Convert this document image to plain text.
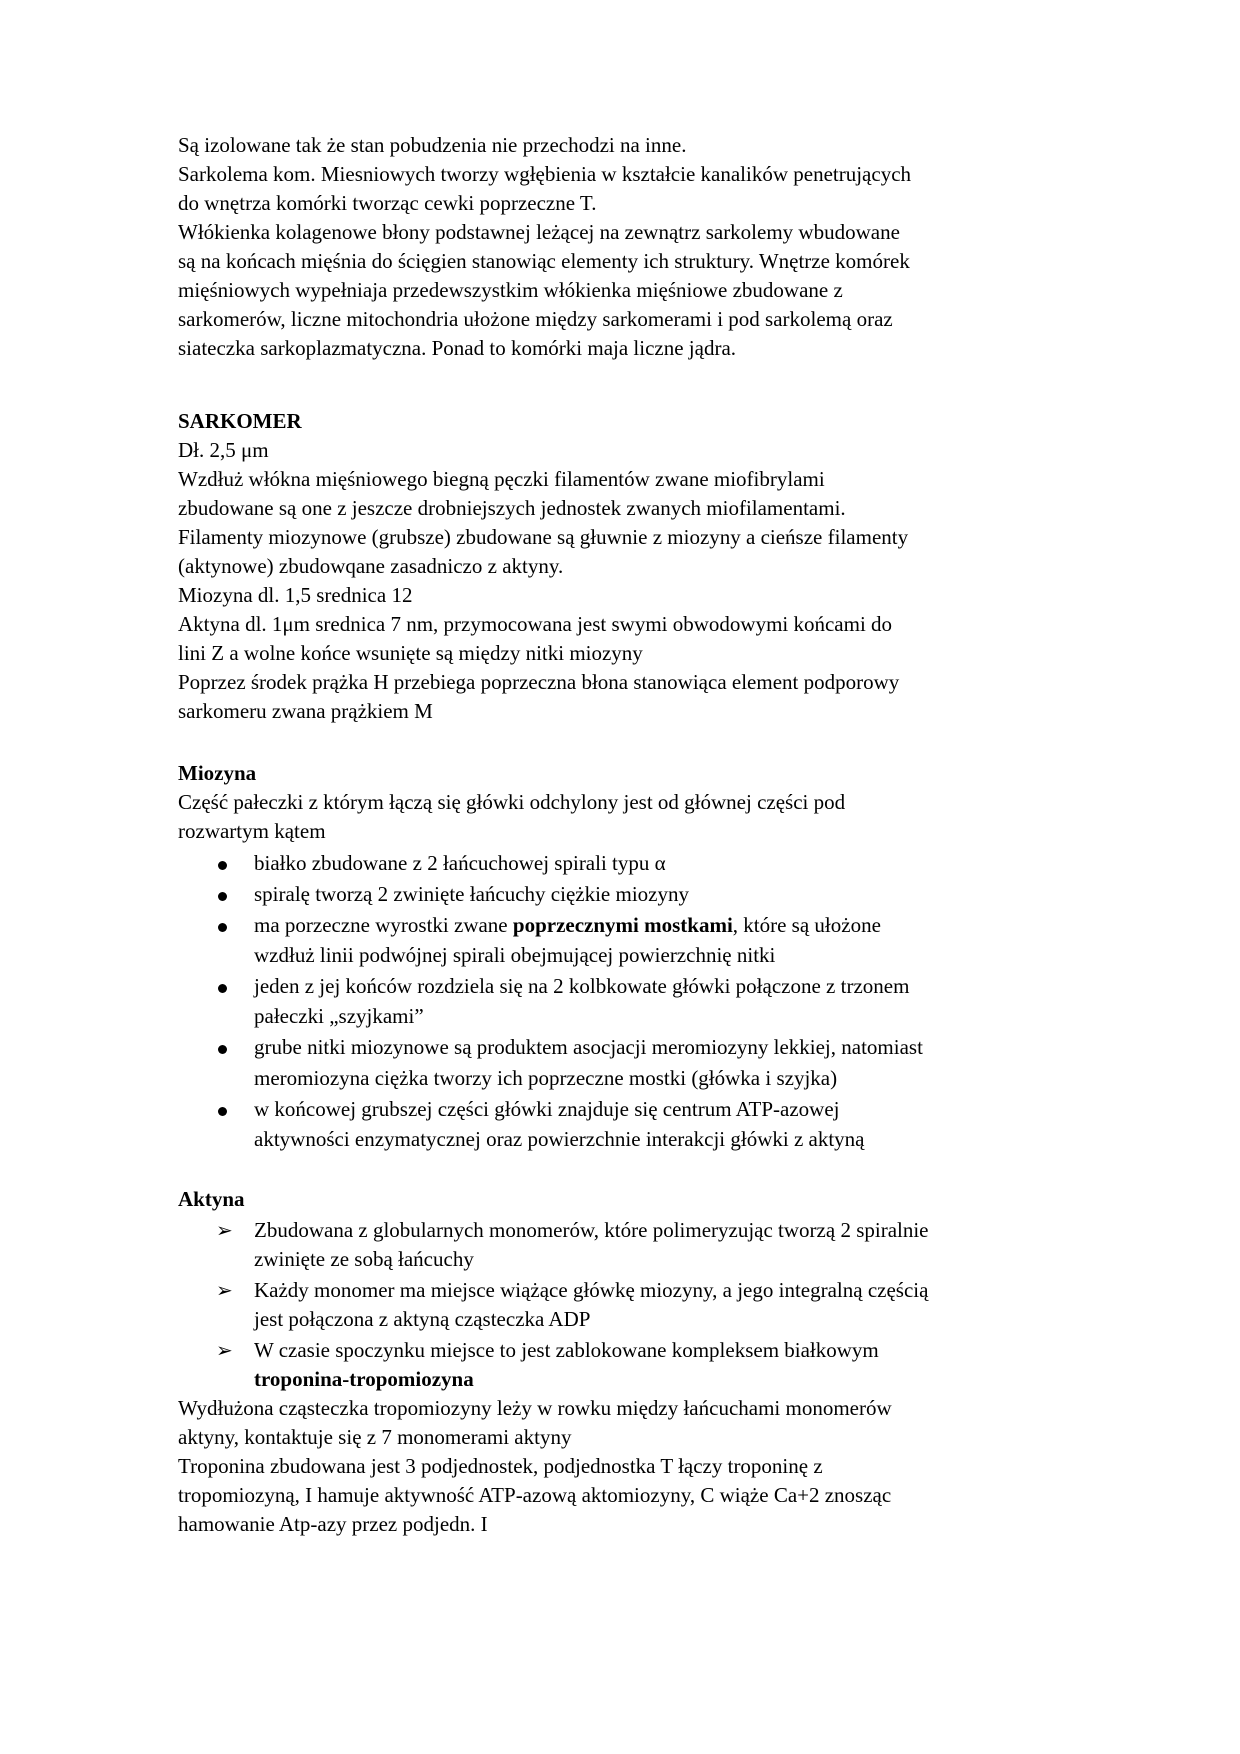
Są izolowane tak że stan pobudzenia nie przechodzi na inne.
Sarkolema kom. Miesniowych tworzy wgłębienia w kształcie kanalików penetrujących
do wnętrza komórki tworząc cewki poprzeczne T.
Włókienka kolagenowe błony podstawnej leżącej na zewnątrz sarkolemy wbudowane
są na końcach mięśnia do ścięgien stanowiąc elementy ich struktury. Wnętrze komórek
mięśniowych wypełniaja przedewszystkim włókienka mięśniowe zbudowane z
sarkomerów, liczne mitochondria ułożone między sarkomerami i pod sarkolemą oraz
siateczka sarkoplazmatyczna. Ponad to komórki maja liczne jądra.
SARKOMER
Dł. 2,5 μm
Wzdłuż włókna mięśniowego biegną pęczki filamentów zwane miofibrylami
zbudowane są one z jeszcze drobniejszych jednostek zwanych miofilamentami.
Filamenty miozynowe (grubsze) zbudowane są głuwnie z miozyny a cieńsze filamenty
(aktynowe) zbudowqane zasadniczo z aktyny.
Miozyna dl. 1,5 srednica 12
Aktyna dl. 1μm srednica 7 nm, przymocowana jest swymi obwodowymi końcami do
lini Z a wolne końce wsunięte są między nitki miozyny
Poprzez środek prążka H przebiega poprzeczna błona stanowiąca element podporowy
sarkomeru zwana prążkiem M
Miozyna
Część pałeczki z którym łączą się główki odchylony jest od głównej części pod
rozwartym kątem
białko zbudowane z 2 łańcuchowej spirali typu α
spiralę tworzą 2 zwinięte łańcuchy ciężkie miozyny
ma porzeczne wyrostki zwane poprzecznymi mostkami, które są ułożone
wzdłuż linii podwójnej spirali obejmującej powierzchnię nitki
jeden z jej końców rozdziela się na 2 kolbkowate główki połączone z trzonem
pałeczki „szyjkami”
grube nitki miozynowe są produktem asocjacji meromiozyny lekkiej, natomiast
meromiozyna ciężka tworzy ich poprzeczne mostki (główka i szyjka)
w końcowej grubszej części główki znajduje się centrum ATP-azowej
aktywności enzymatycznej oraz powierzchnie interakcji główki z aktyną
Aktyna
➢	Zbudowana z globularnych monomerów, które polimeryzując tworzą 2 spiralnie
zwinięte ze sobą łańcuchy
➢	Każdy monomer ma miejsce wiążące główkę miozyny, a jego integralną częścią
jest połączona z aktyną cząsteczka ADP
➢	W czasie spoczynku miejsce to jest zablokowane kompleksem białkowym
troponina-tropomiozyna
Wydłużona cząsteczka tropomiozyny leży w rowku między łańcuchami monomerów
aktyny, kontaktuje się z 7 monomerami aktyny
Troponina zbudowana jest 3 podjednostek, podjednostka T łączy troponinę z
tropomiozyną, I hamuje aktywność ATP-azową aktomiozyny, C wiąże Ca+2 znosząc
hamowanie Atp-azy przez podjedn. I
